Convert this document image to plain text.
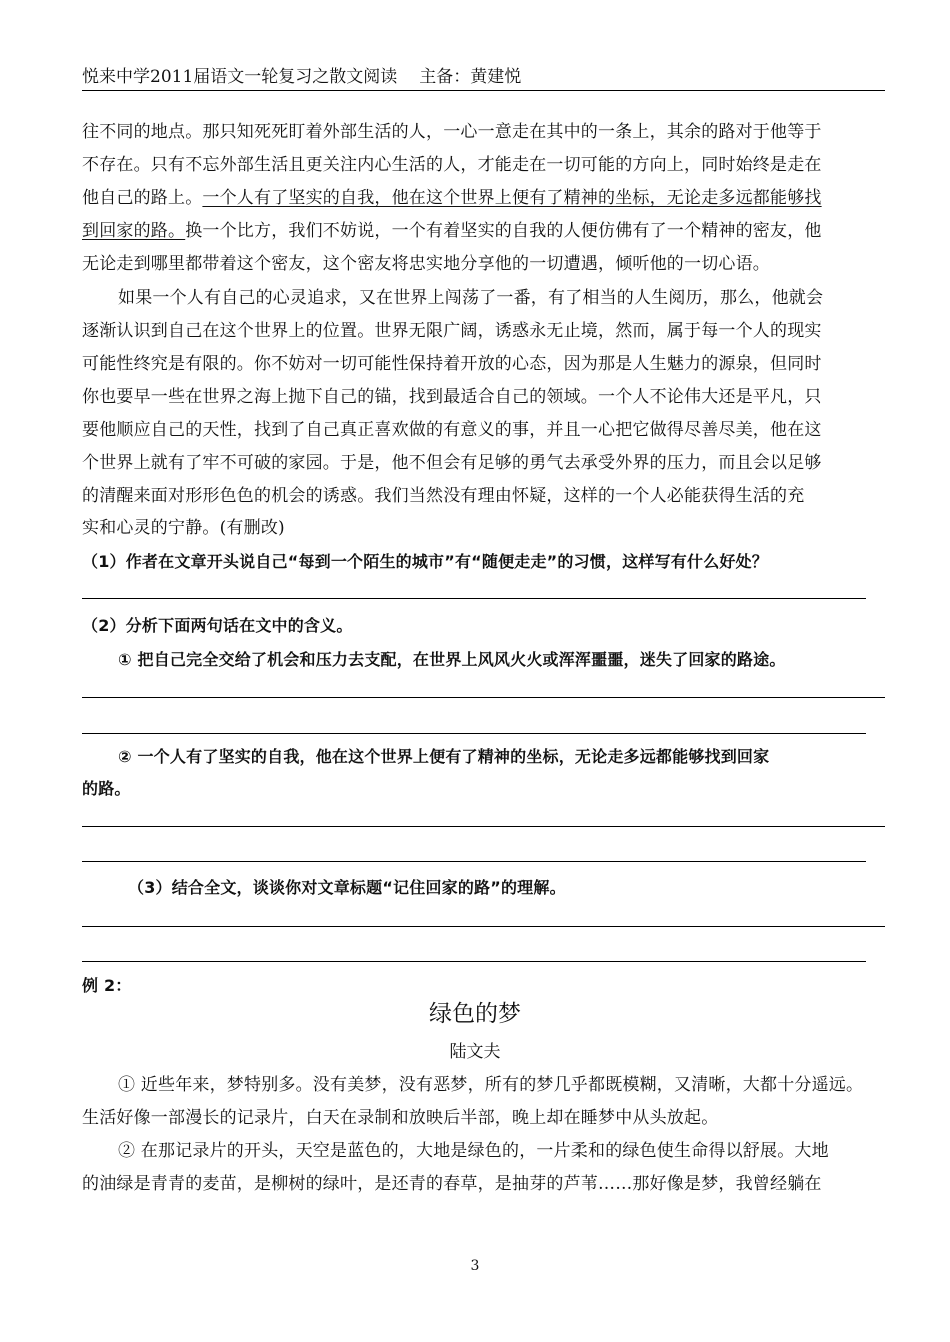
悦来中学2011届语文一轮复习之散文阅读 主备：黄建悦
往不同的地点。那只知死死盯着外部生活的人，一心一意走在其中的一条上，其余的路对于他等于
不存在。只有不忘外部生活且更关注内心生活的人，才能走在一切可能的方向上，同时始终是走在
他自己的路上。一个人有了坚实的自我，他在这个世界上便有了精神的坐标，无论走多远都能够找
到回家的路。换一个比方，我们不妨说，一个有着坚实的自我的人便仿佛有了一个精神的密友，他
无论走到哪里都带着这个密友，这个密友将忠实地分享他的一切遭遇，倾听他的一切心语。
如果一个人有自己的心灵追求，又在世界上闯荡了一番，有了相当的人生阅历，那么，他就会
逐渐认识到自己在这个世界上的位置。世界无限广阔，诱惑永无止境，然而，属于每一个人的现实
可能性终究是有限的。你不妨对一切可能性保持着开放的心态，因为那是人生魅力的源泉，但同时
你也要早一些在世界之海上抛下自己的锚，找到最适合自己的领域。一个人不论伟大还是平凡，只
要他顺应自己的天性，找到了自己真正喜欢做的有意义的事，并且一心把它做得尽善尽美，他在这
个世界上就有了牢不可破的家园。于是，他不但会有足够的勇气去承受外界的压力，而且会以足够
的清醒来面对形形色色的机会的诱惑。我们当然没有理由怀疑，这样的一个人必能获得生活的充
实和心灵的宁静。(有删改)
（1）作者在文章开头说自己“每到一个陌生的城市”有“随便走走”的习惯，这样写有什么好处？
（2）分析下面两句话在文中的含义。
① 把自己完全交给了机会和压力去支配，在世界上风风火火或浑浑噩噩，迷失了回家的路途。
② 一个人有了坚实的自我，他在这个世界上便有了精神的坐标，无论走多远都能够找到回家
的路。
（3）结合全文，谈谈你对文章标题“记住回家的路”的理解。
例 2：
绿色的梦
陆文夫
① 近些年来，梦特别多。没有美梦，没有恶梦，所有的梦几乎都既模糊，又清晰，大都十分遥远。
生活好像一部漫长的记录片，白天在录制和放映后半部，晚上却在睡梦中从头放起。
② 在那记录片的开头，天空是蓝色的，大地是绿色的，一片柔和的绿色使生命得以舒展。大地
的油绿是青青的麦苗，是柳树的绿叶，是还青的春草，是抽芽的芦苇……那好像是梦，我曾经躺在
3
